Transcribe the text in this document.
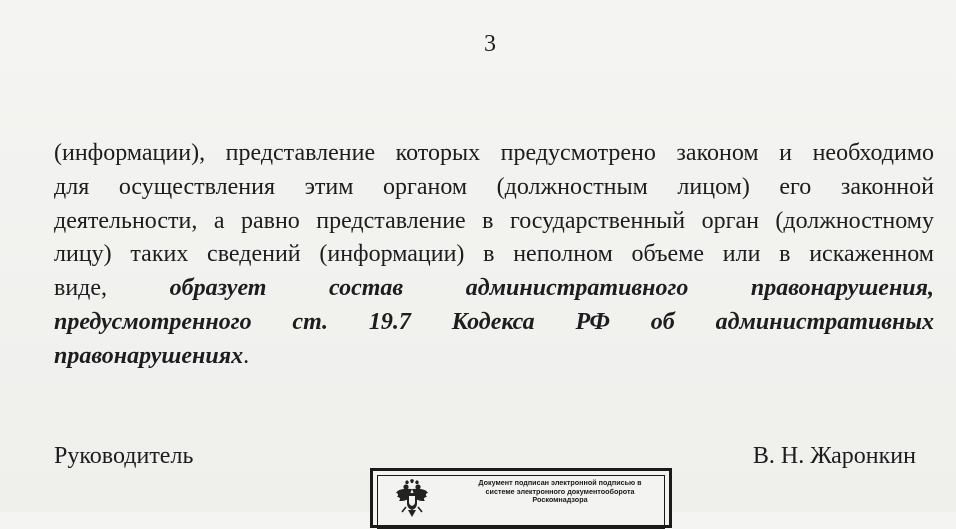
3

(информации), представление которых предусмотрено законом и необходимо
для осуществления этим органом (должностным лицом) его законной
деятельности, а равно представление в государственный орган (должностному
лицу) таких сведений (информации) в неполном объеме или в искаженном
виде, образует состав административного правонарушения,
предусмотренного ст. 19.7 Кодекса РФ об административных
правонарушениях.

Руководитель	В. Н. Жаронкин
Документ подписан электронной подписью в
системе электронного документооборота
Роскомнадзора
